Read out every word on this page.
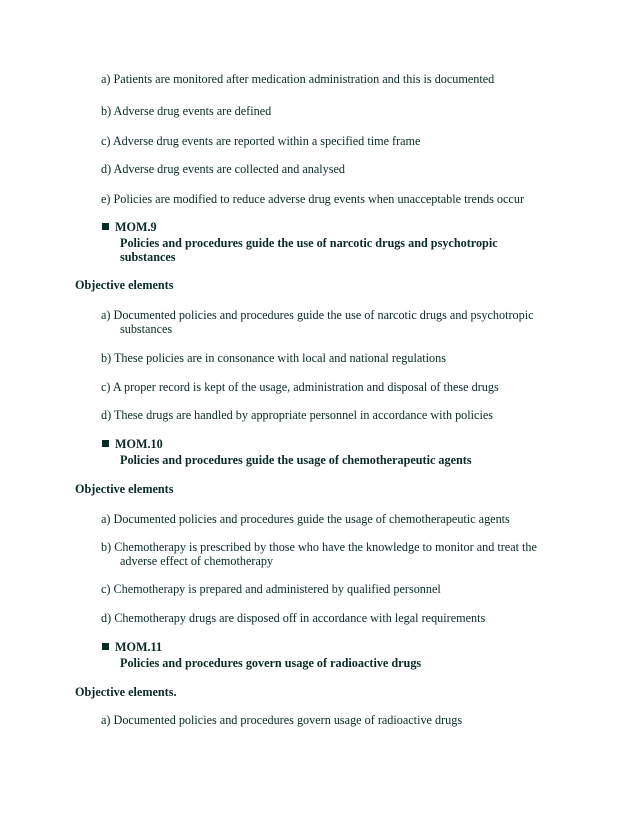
a) Patients are monitored after medication administration and this is documented
b) Adverse drug events are defined
c) Adverse drug events are reported within a specified time frame
d) Adverse drug events are collected and analysed
e) Policies are modified to reduce adverse drug events when unacceptable trends occur
MOM.9
Policies and procedures guide the use of narcotic drugs and psychotropic
substances
Objective elements
a) Documented policies and procedures guide the use of narcotic drugs and psychotropic
substances
b) These policies are in consonance with local and national regulations
c) A proper record is kept of the usage, administration and disposal of these drugs
d) These drugs are handled by appropriate personnel in accordance with policies
MOM.10
Policies and procedures guide the usage of chemotherapeutic agents
Objective elements
a) Documented policies and procedures guide the usage of chemotherapeutic agents
b) Chemotherapy is prescribed by those who have the knowledge to monitor and treat the
adverse effect of chemotherapy
c) Chemotherapy is prepared and administered by qualified personnel
d) Chemotherapy drugs are disposed off in accordance with legal requirements
MOM.11
Policies and procedures govern usage of radioactive drugs
Objective elements.
a) Documented policies and procedures govern usage of radioactive drugs
